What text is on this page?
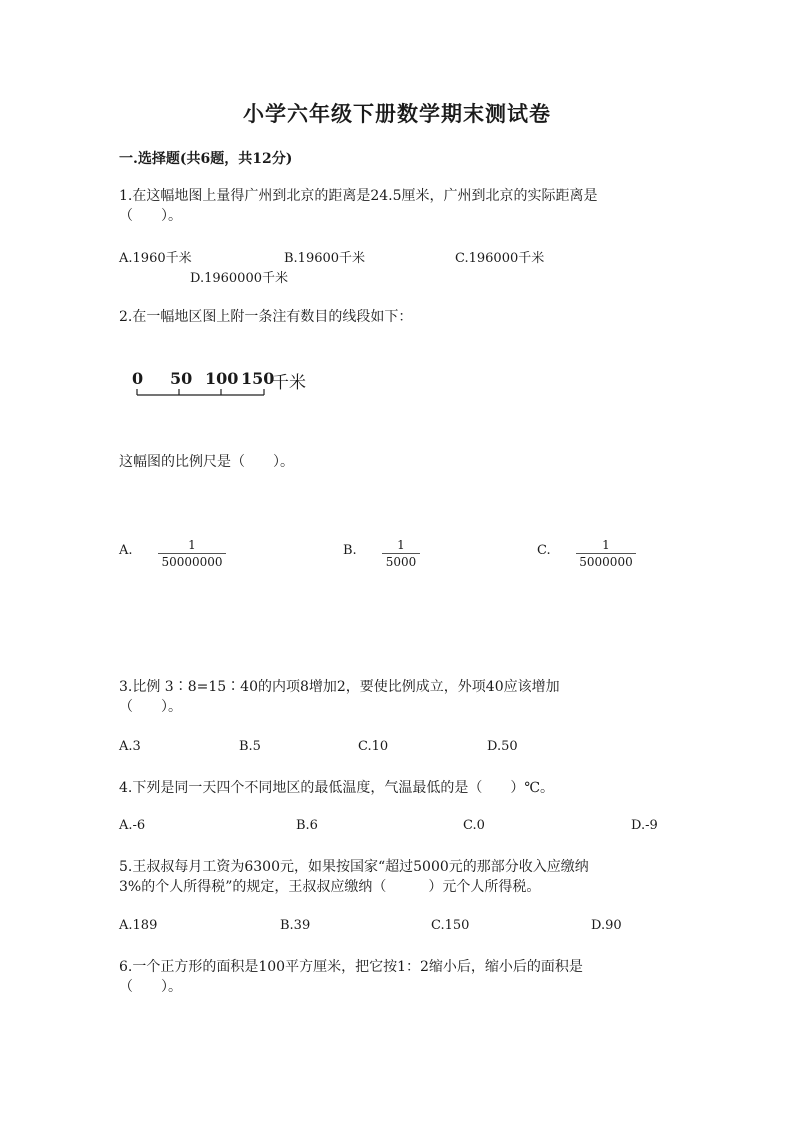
小学六年级下册数学期末测试卷
一.选择题(共6题，共12分)
1.在这幅地图上量得广州到北京的距离是24.5厘米，广州到北京的实际距离是
（　　）。
A.1960千米	B.19600千米	C.196000千米
D.1960000千米
2.在一幅地区图上附一条注有数目的线段如下：
0 50 100 150
千米
这幅图的比例尺是（　　）。
A.	1
50000000
B.	1
5000
C.	1
5000000
3.比例 3∶8=15∶40的内项8增加2，要使比例成立，外项40应该增加
（　　）。
A.3	B.5	C.10	D.50
4.下列是同一天四个不同地区的最低温度，气温最低的是（　　）℃。
A.-6	B.6	C.0	D.-9
5.王叔叔每月工资为6300元，如果按国家“超过5000元的那部分收入应缴纳
3%的个人所得税”的规定，王叔叔应缴纳（　　　）元个人所得税。
A.189	B.39	C.150	D.90
6.一个正方形的面积是100平方厘米，把它按1：2缩小后，缩小后的面积是
（　　）。
